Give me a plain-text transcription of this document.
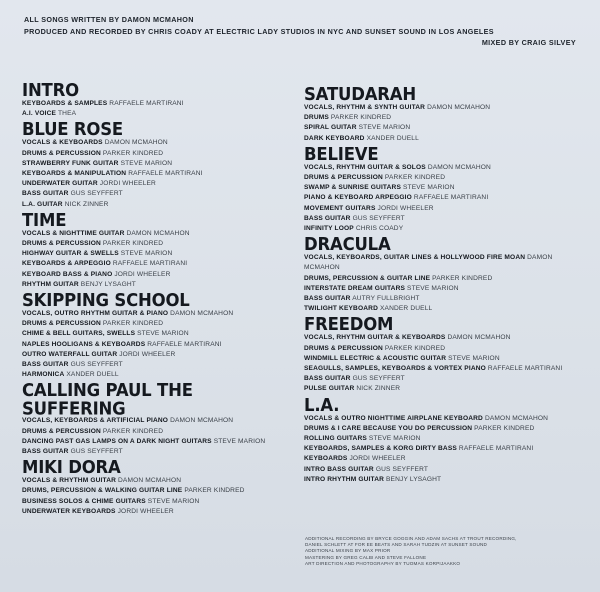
ALL SONGS WRITTEN BY DAMON MCMAHON
PRODUCED AND RECORDED BY CHRIS COADY AT ELECTRIC LADY STUDIOS IN NYC AND SUNSET SOUND IN LOS ANGELES
MIXED BY CRAIG SILVEY
INTRO
KEYBOARDS & SAMPLES RAFFAELE MARTIRANI
A.I. VOICE THEA
BLUE ROSE
VOCALS & KEYBOARDS DAMON MCMAHON
DRUMS & PERCUSSION PARKER KINDRED
STRAWBERRY FUNK GUITAR STEVE MARION
KEYBOARDS & MANIPULATION RAFFAELE MARTIRANI
UNDERWATER GUITAR JORDI WHEELER
BASS GUITAR GUS SEYFFERT
L.A. GUITAR NICK ZINNER
TIME
VOCALS & NIGHTTIME GUITAR DAMON MCMAHON
DRUMS & PERCUSSION PARKER KINDRED
HIGHWAY GUITAR & SWELLS STEVE MARION
KEYBOARDS & ARPEGGIO RAFFAELE MARTIRANI
KEYBOARD BASS & PIANO JORDI WHEELER
RHYTHM GUITAR BENJY LYSAGHT
SKIPPING SCHOOL
VOCALS, OUTRO RHYTHM GUITAR & PIANO DAMON MCMAHON
DRUMS & PERCUSSION PARKER KINDRED
CHIME & BELL GUITARS, SWELLS STEVE MARION
NAPLES HOOLIGANS & KEYBOARDS RAFFAELE MARTIRANI
OUTRO WATERFALL GUITAR JORDI WHEELER
BASS GUITAR GUS SEYFFERT
HARMONICA XANDER DUELL
CALLING PAUL THE SUFFERING
VOCALS, KEYBOARDS & ARTIFICIAL PIANO DAMON MCMAHON
DRUMS & PERCUSSION PARKER KINDRED
DANCING PAST GAS LAMPS ON A DARK NIGHT GUITARS STEVE MARION
BASS GUITAR GUS SEYFFERT
MIKI DORA
VOCALS & RHYTHM GUITAR DAMON MCMAHON
DRUMS, PERCUSSION & WALKING GUITAR LINE PARKER KINDRED
BUSINESS SOLOS & CHIME GUITARS STEVE MARION
UNDERWATER KEYBOARDS JORDI WHEELER
SATUDARAH
VOCALS, RHYTHM & SYNTH GUITAR DAMON MCMAHON
DRUMS PARKER KINDRED
SPIRAL GUITAR STEVE MARION
DARK KEYBOARD XANDER DUELL
BELIEVE
VOCALS, RHYTHM GUITAR & SOLOS DAMON MCMAHON
DRUMS & PERCUSSION PARKER KINDRED
SWAMP & SUNRISE GUITARS STEVE MARION
PIANO & KEYBOARD ARPEGGIO RAFFAELE MARTIRANI
MOVEMENT GUITARS JORDI WHEELER
BASS GUITAR GUS SEYFFERT
INFINITY LOOP CHRIS COADY
DRACULA
VOCALS, KEYBOARDS, GUITAR LINES & HOLLYWOOD FIRE MOAN DAMON MCMAHON
DRUMS, PERCUSSION & GUITAR LINE PARKER KINDRED
INTERSTATE DREAM GUITARS STEVE MARION
BASS GUITAR AUTRY FULLBRIGHT
TWILIGHT KEYBOARD XANDER DUELL
FREEDOM
VOCALS, RHYTHM GUITAR & KEYBOARDS DAMON MCMAHON
DRUMS & PERCUSSION PARKER KINDRED
WINDMILL ELECTRIC & ACOUSTIC GUITAR STEVE MARION
SEAGULLS, SAMPLES, KEYBOARDS & VORTEX PIANO RAFFAELE MARTIRANI
BASS GUITAR GUS SEYFFERT
PULSE GUITAR NICK ZINNER
L.A.
VOCALS & OUTRO NIGHTTIME AIRPLANE KEYBOARD DAMON MCMAHON
DRUMS & I CARE BECAUSE YOU DO PERCUSSION PARKER KINDRED
ROLLING GUITARS STEVE MARION
KEYBOARDS, SAMPLES & KORG DIRTY BASS RAFFAELE MARTIRANI
KEYBOARDS JORDI WHEELER
INTRO BASS GUITAR GUS SEYFFERT
INTRO RHYTHM GUITAR BENJY LYSAGHT
ADDITIONAL RECORDING BY BRYCE GOGGIN AND ADAM SACHS AT TROUT RECORDING,
DANIEL SCHLETT AT FOR EE BEATS AND SARAH TUDZIN AT SUNSET SOUND
ADDITIONAL MIXING BY MAX PRIOR
MASTERING BY GREG CALBI AND STEVE FALLONE
ART DIRECTION AND PHOTOGRAPHY BY TUOMAS KORPIJAAKKO
